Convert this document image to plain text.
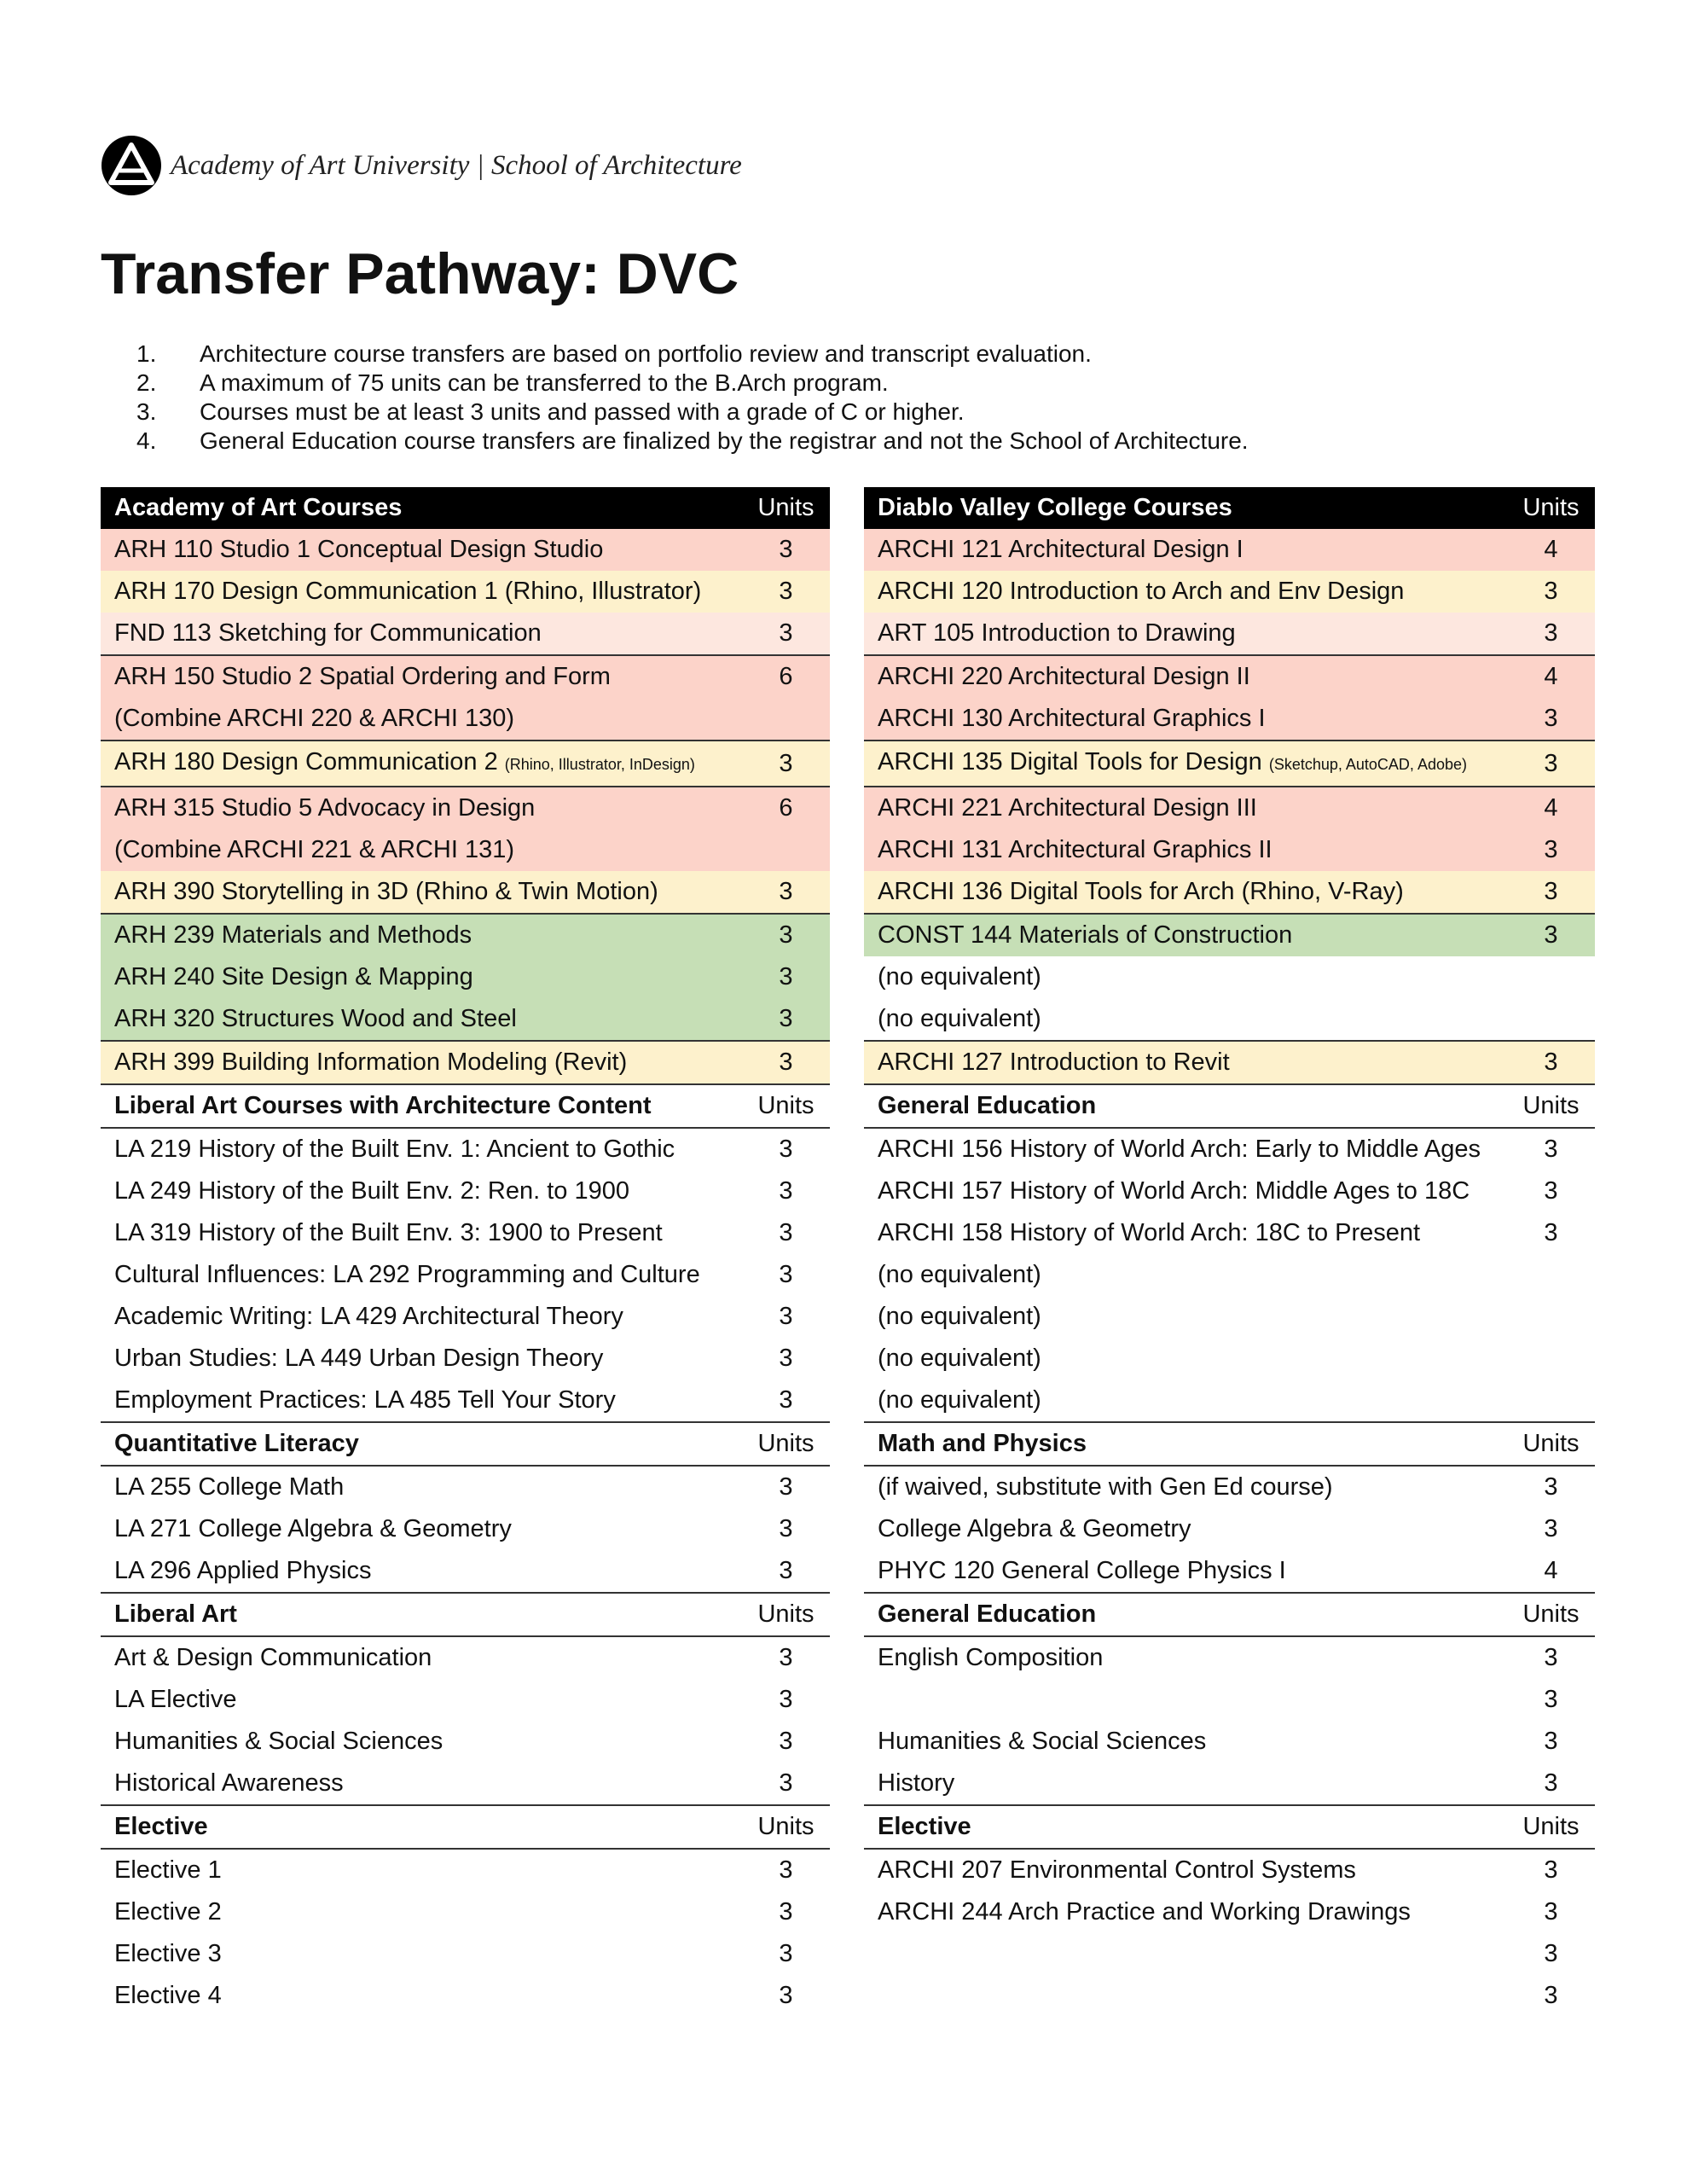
Academy of Art University | School of Architecture
Transfer Pathway: DVC
1.	Architecture course transfers are based on portfolio review and transcript evaluation.
2.	A maximum of 75 units can be transferred to the B.Arch program.
3.	Courses must be at least 3 units and passed with a grade of C or higher.
4.	General Education course transfers are finalized by the registrar and not the School of Architecture.
Academy of Art Courses	Units
ARH 110 Studio 1 Conceptual Design Studio	3
ARH 170 Design Communication 1 (Rhino, Illustrator)	3
FND 113 Sketching for Communication	3
ARH 150 Studio 2 Spatial Ordering and Form	6
(Combine ARCHI 220 & ARCHI 130)	
ARH 180 Design Communication 2 (Rhino, Illustrator, InDesign)	3
ARH 315 Studio 5 Advocacy in Design	6
(Combine ARCHI 221 & ARCHI 131)	
ARH 390 Storytelling in 3D (Rhino & Twin Motion)	3
ARH 239 Materials and Methods	3
ARH 240 Site Design & Mapping	3
ARH 320 Structures Wood and Steel	3
ARH 399 Building Information Modeling (Revit)	3
Liberal Art Courses with Architecture Content	Units
LA 219 History of the Built Env. 1: Ancient to Gothic	3
LA 249 History of the Built Env. 2: Ren. to 1900	3
LA 319 History of the Built Env. 3: 1900 to Present	3
Cultural Influences: LA 292 Programming and Culture	3
Academic Writing: LA 429 Architectural Theory	3
Urban Studies: LA 449 Urban Design Theory	3
Employment Practices: LA 485 Tell Your Story	3
Quantitative Literacy	Units
LA 255 College Math	3
LA 271 College Algebra & Geometry	3
LA 296 Applied Physics	3
Liberal Art	Units
Art & Design Communication	3
LA Elective	3
Humanities & Social Sciences	3
Historical Awareness	3
Elective	Units
Elective 1	3
Elective 2	3
Elective 3	3
Elective 4	3
Diablo Valley College Courses	Units
ARCHI 121 Architectural Design I	4
ARCHI 120 Introduction to Arch and Env Design	3
ART 105 Introduction to Drawing	3
ARCHI 220 Architectural Design II	4
ARCHI 130 Architectural Graphics I	3
ARCHI 135 Digital Tools for Design (Sketchup, AutoCAD, Adobe)	3
ARCHI 221 Architectural Design III	4
ARCHI 131 Architectural Graphics II	3
ARCHI 136 Digital Tools for Arch (Rhino, V-Ray)	3
CONST 144 Materials of Construction	3
(no equivalent)	
(no equivalent)	
ARCHI 127 Introduction to Revit	3
General Education	Units
ARCHI 156 History of World Arch: Early to Middle Ages	3
ARCHI 157 History of World Arch: Middle Ages to 18C	3
ARCHI 158 History of World Arch: 18C to Present	3
(no equivalent)	
(no equivalent)	
(no equivalent)	
(no equivalent)	
Math and Physics	Units
(if waived, substitute with Gen Ed course)	3
College Algebra & Geometry	3
PHYC 120 General College Physics I	4
General Education	Units
English Composition	3
	3
Humanities & Social Sciences	3
History	3
Elective	Units
ARCHI 207 Environmental Control Systems	3
ARCHI 244 Arch Practice and Working Drawings	3
	3
	3
